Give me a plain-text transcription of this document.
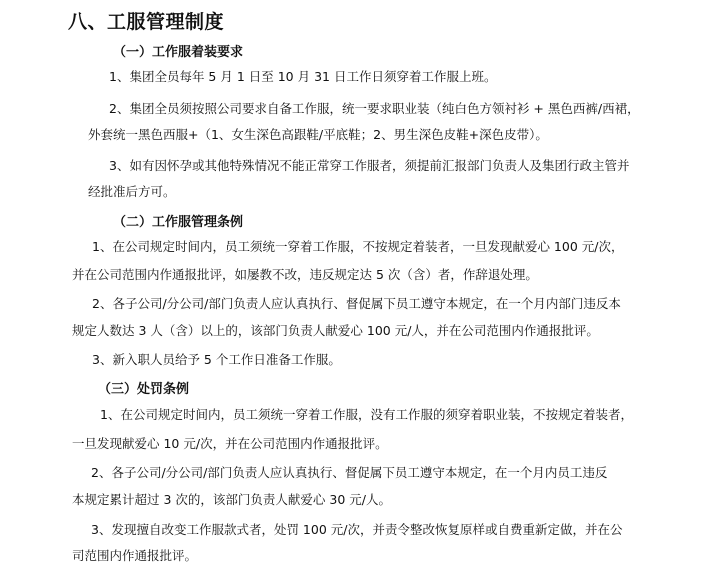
八、工服管理制度
（一）工作服着装要求
1、集团全员每年 5 月 1 日至 10 月 31 日工作日须穿着工作服上班。
2、集团全员须按照公司要求自备工作服，统一要求职业装（纯白色方领衬衫 + 黑色西裤/西裙，
外套统一黑色西服+（1、女生深色高跟鞋/平底鞋；2、男生深色皮鞋+深色皮带）。
3、如有因怀孕或其他特殊情况不能正常穿工作服者，须提前汇报部门负责人及集团行政主管并
经批准后方可。
（二）工作服管理条例
1、在公司规定时间内，员工须统一穿着工作服，不按规定着装者，一旦发现献爱心 100 元/次，
并在公司范围内作通报批评，如屡教不改，违反规定达 5 次（含）者，作辞退处理。
2、各子公司/分公司/部门负责人应认真执行、督促属下员工遵守本规定，在一个月内部门违反本
规定人数达 3 人（含）以上的，该部门负责人献爱心 100 元/人，并在公司范围内作通报批评。
3、新入职人员给予 5 个工作日准备工作服。
（三）处罚条例
1、在公司规定时间内，员工须统一穿着工作服，没有工作服的须穿着职业装，不按规定着装者，
一旦发现献爱心 10 元/次，并在公司范围内作通报批评。
2、各子公司/分公司/部门负责人应认真执行、督促属下员工遵守本规定，在一个月内员工违反
本规定累计超过 3 次的，该部门负责人献爱心 30 元/人。
3、发现擅自改变工作服款式者，处罚 100 元/次，并责令整改恢复原样或自费重新定做，并在公
司范围内作通报批评。
